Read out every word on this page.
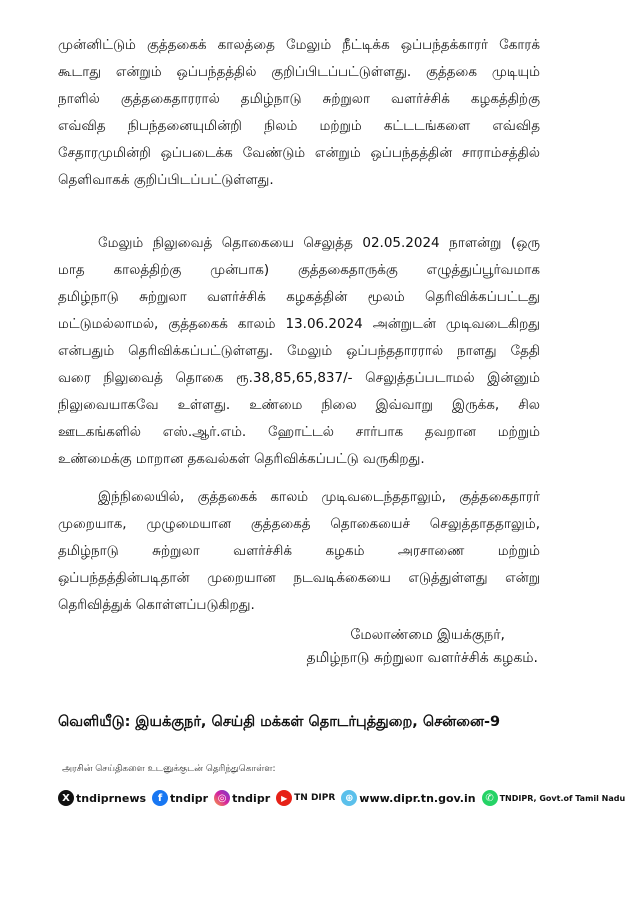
முன்னிட்டும் குத்தகைக் காலத்தை மேலும் நீட்டிக்க ஒப்பந்தக்காரர் கோரக்
கூடாது என்றும் ஒப்பந்தத்தில் குறிப்பிடப்பட்டுள்ளது. குத்தகை முடியும்
நாளில் குத்தகைதாரரால் தமிழ்நாடு சுற்றுலா வளர்ச்சிக் கழகத்திற்கு
எவ்வித நிபந்தனையுமின்றி நிலம் மற்றும் கட்டடங்களை எவ்வித
சேதாரமுமின்றி ஒப்படைக்க வேண்டும் என்றும் ஒப்பந்தத்தின் சாராம்சத்தில்
தெளிவாகக் குறிப்பிடப்பட்டுள்ளது.
மேலும் நிலுவைத் தொகையை செலுத்த 02.05.2024 நாளன்று (ஒரு
மாத காலத்திற்கு முன்பாக) குத்தகைதாருக்கு எழுத்துப்பூர்வமாக
தமிழ்நாடு சுற்றுலா வளர்ச்சிக் கழகத்தின் மூலம் தெரிவிக்கப்பட்டது
மட்டுமல்லாமல், குத்தகைக் காலம் 13.06.2024 அன்றுடன் முடிவடைகிறது
என்பதும் தெரிவிக்கப்பட்டுள்ளது. மேலும் ஒப்பந்ததாரரால் நாளது தேதி
வரை நிலுவைத் தொகை ரூ.38,85,65,837/- செலுத்தப்படாமல் இன்னும்
நிலுவையாகவே உள்ளது. உண்மை நிலை இவ்வாறு இருக்க, சில
ஊடகங்களில் எஸ்.ஆர்.எம். ஹோட்டல் சார்பாக தவறான மற்றும்
உண்மைக்கு மாறான தகவல்கள் தெரிவிக்கப்பட்டு வருகிறது.
இந்நிலையில், குத்தகைக் காலம் முடிவடைந்ததாலும், குத்தகைதாரர்
முறையாக, முழுமையான குத்தகைத் தொகையைச் செலுத்தாததாலும்,
தமிழ்நாடு சுற்றுலா வளர்ச்சிக் கழகம் அரசாணை மற்றும்
ஒப்பந்தத்தின்படிதான் முறையான நடவடிக்கையை எடுத்துள்ளது என்று
தெரிவித்துக் கொள்ளப்படுகிறது.
மேலாண்மை இயக்குநர்,
தமிழ்நாடு சுற்றுலா வளர்ச்சிக் கழகம்.
வெளியீடு: இயக்குநர், செய்தி மக்கள் தொடர்புத்துறை, சென்னை-9
அரசின் செய்திகளை உடனுக்குடன் தெரிந்துகொள்ள:
X tndiprnews	f tndipr ◎ tndipr	▶ TN DIPR ⊕ www.dipr.tn.gov.in ✆ TNDIPR, Govt.of Tamil Nadu
